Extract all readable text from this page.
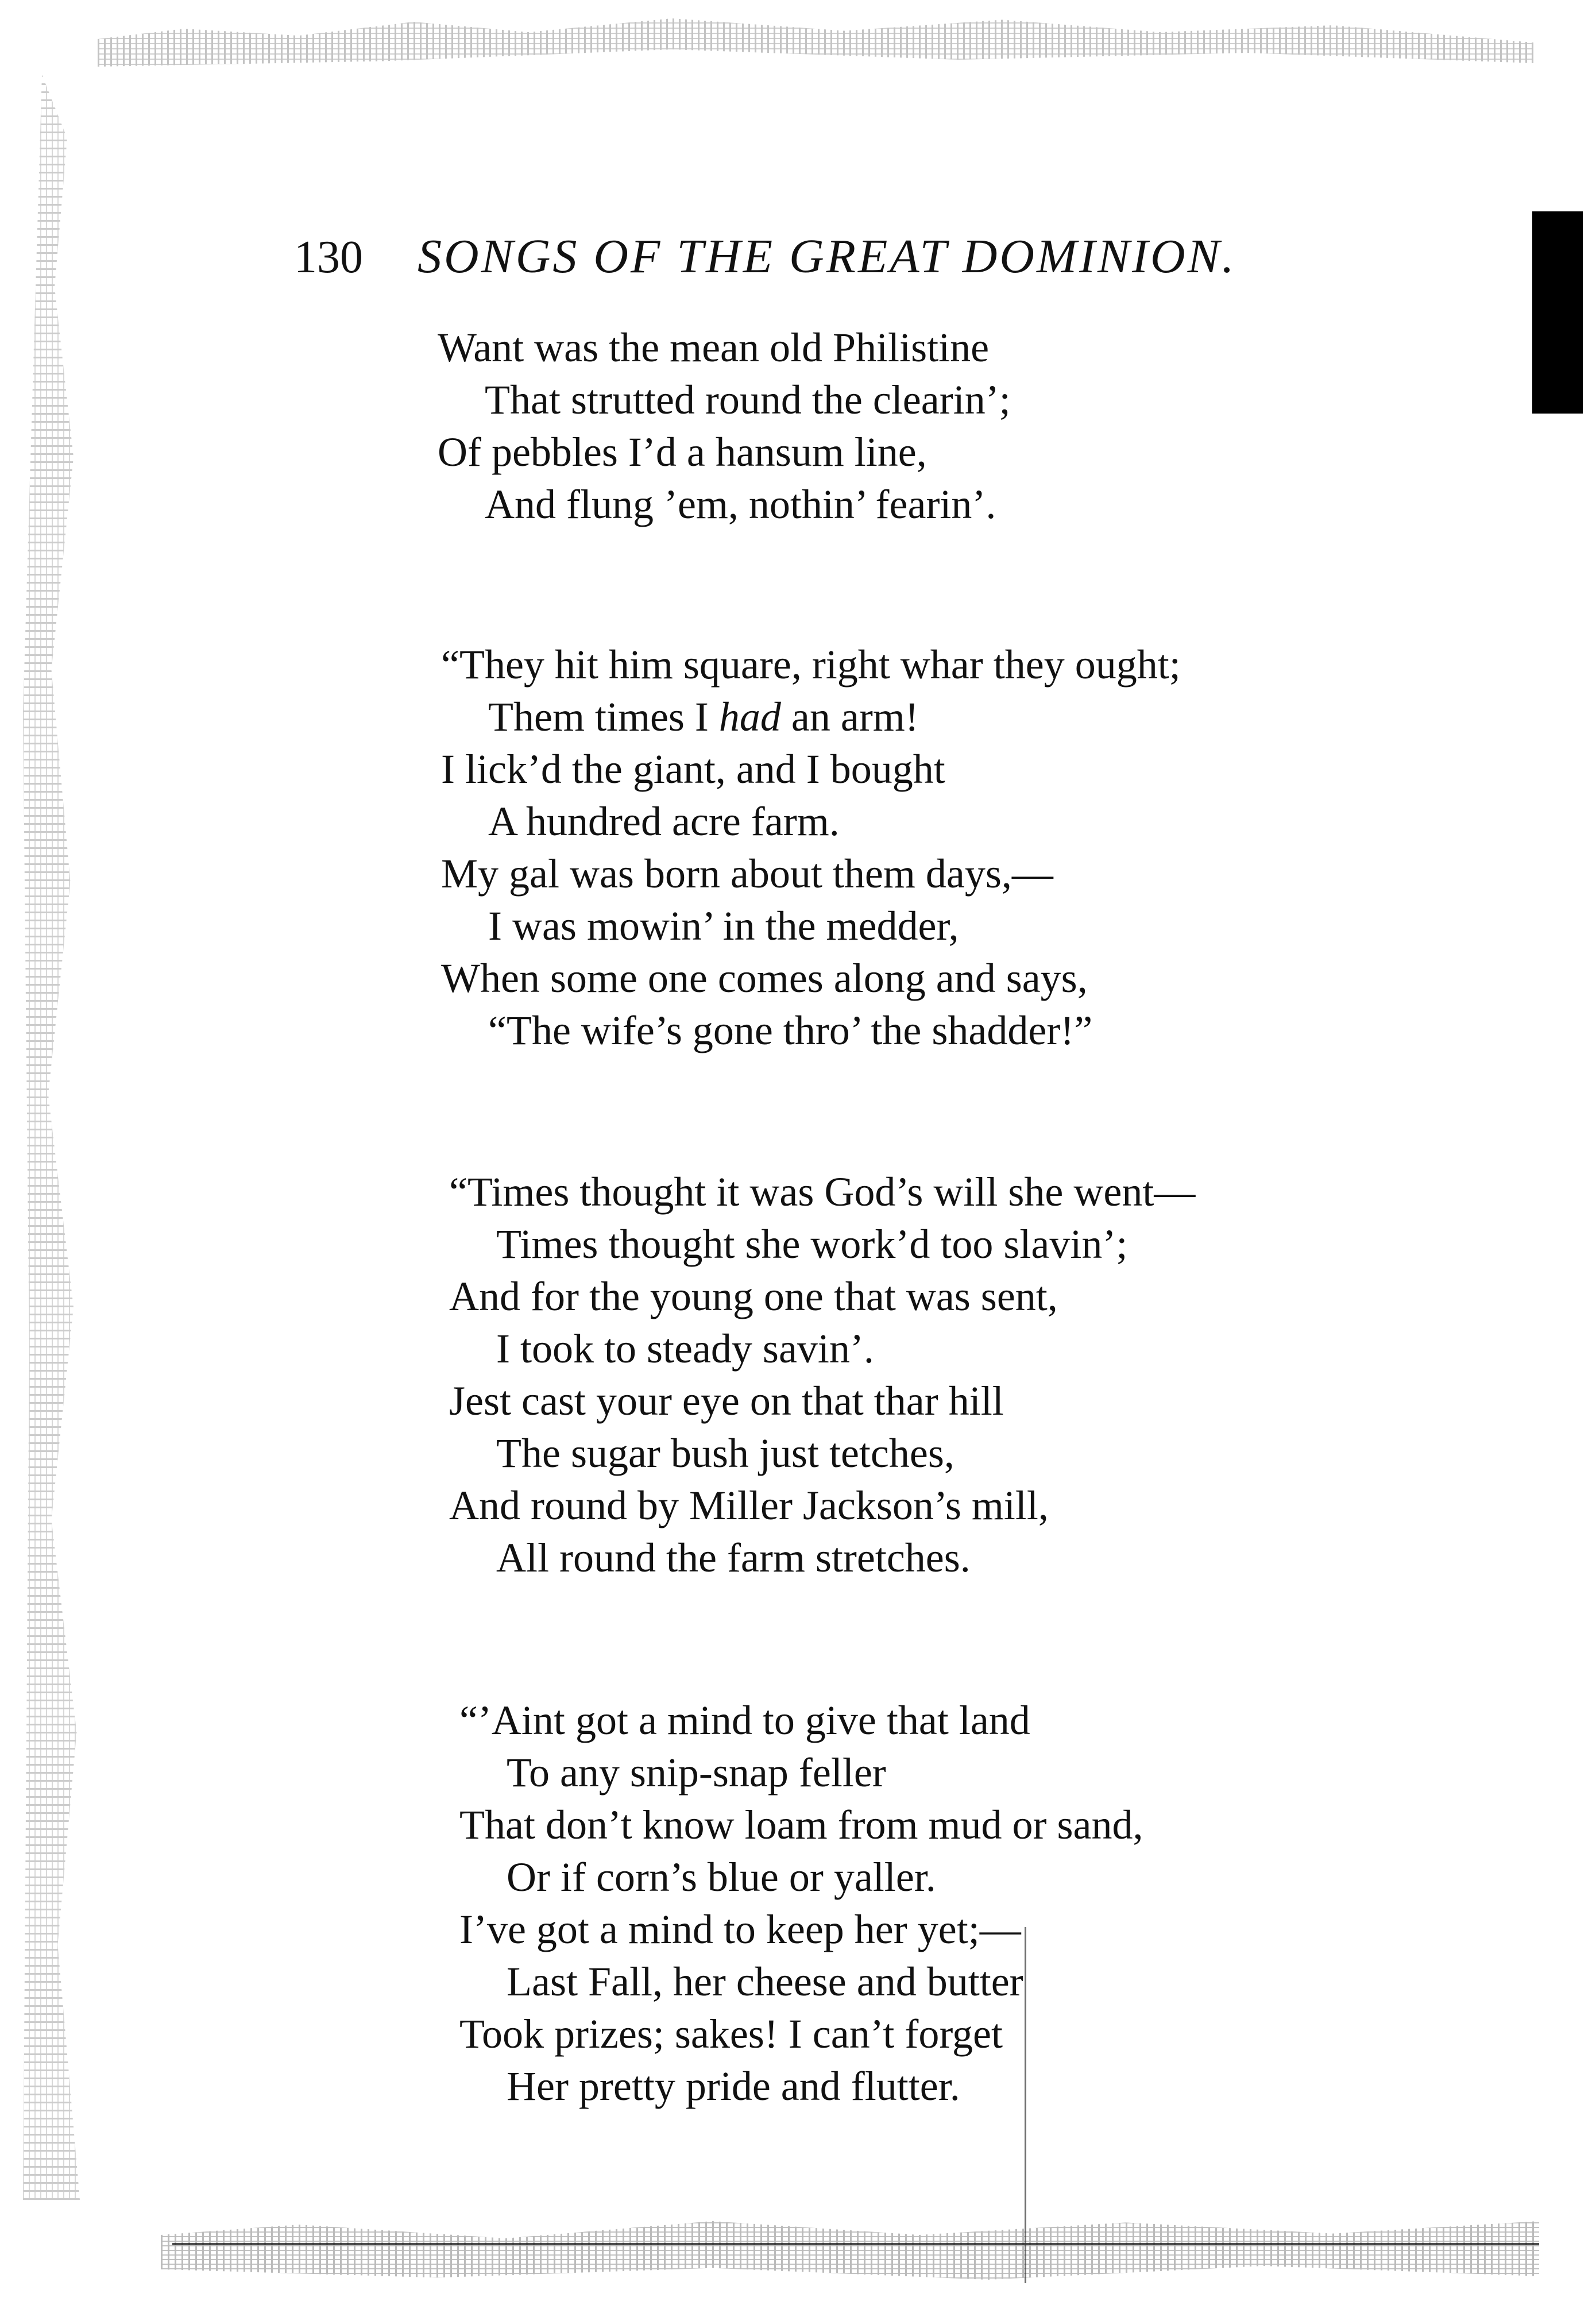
130	SONGS OF THE GREAT DOMINION.
Want was the mean old Philistine
That strutted round the clearin’;
Of pebbles I’d a hansum line,
And flung ’em, nothin’ fearin’.
“They hit him square, right whar they ought;
Them times I had an arm!
I lick’d the giant, and I bought
A hundred acre farm.
My gal was born about them days,—
I was mowin’ in the medder,
When some one comes along and says,
“The wife’s gone thro’ the shadder!”
“Times thought it was God’s will she went—
Times thought she work’d too slavin’;
And for the young one that was sent,
I took to steady savin’.
Jest cast your eye on that thar hill
The sugar bush just tetches,
And round by Miller Jackson’s mill,
All round the farm stretches.
“’Aint got a mind to give that land
To any snip-snap feller
That don’t know loam from mud or sand,
Or if corn’s blue or yaller.
I’ve got a mind to keep her yet;—
Last Fall, her cheese and butter
Took prizes; sakes! I can’t forget
Her pretty pride and flutter.
